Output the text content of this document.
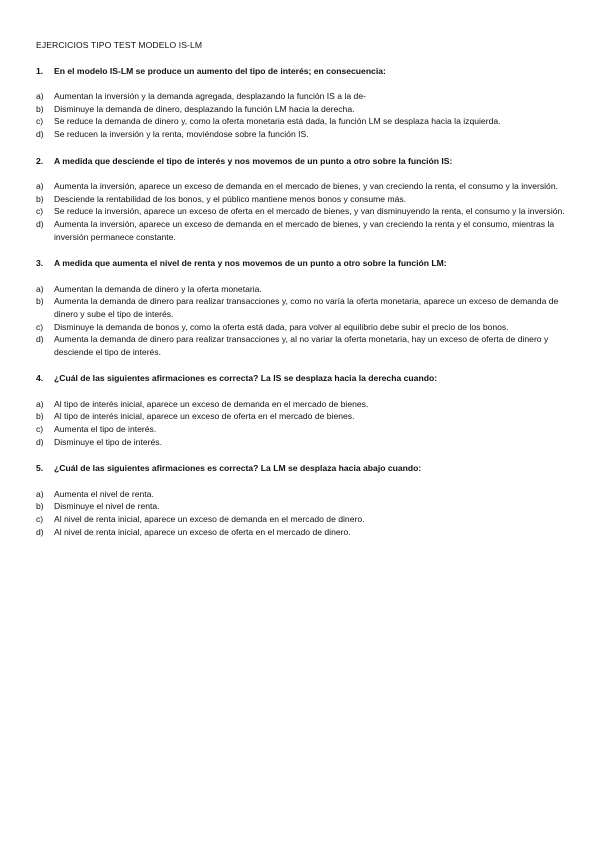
EJERCICIOS TIPO TEST MODELO IS-LM
1.	En el modelo IS-LM se produce un aumento del tipo de interés; en consecuencia:
a)	Aumentan la inversión y la demanda agregada, desplazando la función IS a la de-
b)	Disminuye la demanda de dinero, desplazando la función LM hacia la derecha.
c)	Se reduce la demanda de dinero y, como la oferta monetaria está dada, la función LM se desplaza hacia la izquierda.
d)	Se reducen la inversión y la renta, moviéndose sobre la función IS.
2.	A medida que desciende el tipo de interés y nos movemos de un punto a otro sobre la función IS:
a)	Aumenta la inversión, aparece un exceso de demanda en el mercado de bienes, y van creciendo la renta, el consumo y la inversión.
b)	Desciende la rentabilidad de los bonos, y el público mantiene menos bonos y consume más.
c)	Se reduce la inversión, aparece un exceso de oferta en el mercado de bienes, y van disminuyendo la renta, el consumo y la inversión.
d)	Aumenta la inversión, aparece un exceso de demanda en el mercado de bienes, y van creciendo la renta y el consumo, mientras la inversión permanece constante.
3.	A medida que aumenta el nivel de renta y nos movemos de un punto a otro sobre la función LM:
a)	Aumentan la demanda de dinero y la oferta monetaria.
b)	Aumenta la demanda de dinero para realizar transacciones y, como no varía la oferta monetaria, aparece un exceso de demanda de dinero y sube el tipo de interés.
c)	Disminuye la demanda de bonos y, como la oferta está dada, para volver al equilibrio debe subir el precio de los bonos.
d)	Aumenta la demanda de dinero para realizar transacciones y, al no variar la oferta monetaria, hay un exceso de oferta de dinero y desciende el tipo de interés.
4.	¿Cuál de las siguientes afirmaciones es correcta? La IS se desplaza hacia la derecha cuando:
a)	Al tipo de interés inicial, aparece un exceso de demanda en el mercado de bienes.
b)	Al tipo de interés inicial, aparece un exceso de oferta en el mercado de bienes.
c)	Aumenta el tipo de interés.
d)	Disminuye el tipo de interés.
5.	¿Cuál de las siguientes afirmaciones es correcta? La LM se desplaza hacia abajo cuando:
a)	Aumenta el nivel de renta.
b)	Disminuye el nivel de renta.
c)	Al nivel de renta inicial, aparece un exceso de demanda en el mercado de dinero.
d)	Al nivel de renta inicial, aparece un exceso de oferta en el mercado de dinero.
